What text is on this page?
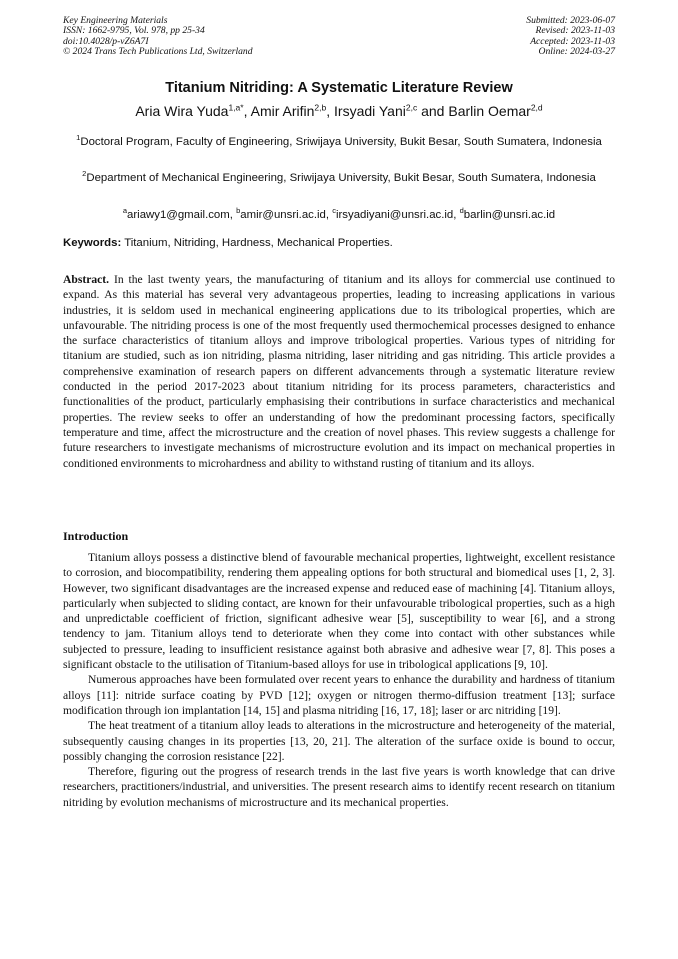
Key Engineering Materials
ISSN: 1662-9795, Vol. 978, pp 25-34
doi:10.4028/p-vZ6A7I
© 2024 Trans Tech Publications Ltd, Switzerland
Submitted: 2023-06-07
Revised: 2023-11-03
Accepted: 2023-11-03
Online: 2024-03-27
Titanium Nitriding: A Systematic Literature Review
Aria Wira Yuda$^{1,a*}$, Amir Arifin$^{2,b}$, Irsyadi Yani$^{2,c}$ and Barlin Oemar$^{2,d}$
$^1$Doctoral Program, Faculty of Engineering, Sriwijaya University, Bukit Besar, South Sumatera, Indonesia
$^2$Department of Mechanical Engineering, Sriwijaya University, Bukit Besar, South Sumatera, Indonesia
$^a$ariawy1@gmail.com, $^b$amir@unsri.ac.id, $^c$irsyadiyani@unsri.ac.id, $^d$barlin@unsri.ac.id
Keywords: Titanium, Nitriding, Hardness, Mechanical Properties.
Abstract. In the last twenty years, the manufacturing of titanium and its alloys for commercial use continued to expand. As this material has several very advantageous properties, leading to increasing applications in various industries, it is seldom used in mechanical engineering applications due to its tribological properties, which are unfavourable. The nitriding process is one of the most frequently used thermochemical processes designed to enhance the surface characteristics of titanium alloys and improve tribological properties. Various types of nitriding for titanium are studied, such as ion nitriding, plasma nitriding, laser nitriding and gas nitriding. This article provides a comprehensive examination of research papers on different advancements through a systematic literature review conducted in the period 2017-2023 about titanium nitriding for its process parameters, characteristics and functionalities of the product, particularly emphasising their contributions in surface characteristics and mechanical properties. The review seeks to offer an understanding of how the predominant processing factors, specifically temperature and time, affect the microstructure and the creation of novel phases. This review suggests a challenge for future researchers to investigate mechanisms of microstructure evolution and its impact on mechanical properties in conditioned environments to microhardness and ability to withstand rusting of titanium and its alloys.
Introduction

Titanium alloys possess a distinctive blend of favourable mechanical properties, lightweight, excellent resistance to corrosion, and biocompatibility, rendering them appealing options for both structural and biomedical uses [1, 2, 3]. However, two significant disadvantages are the increased expense and reduced ease of machining [4]. Titanium alloys, particularly when subjected to sliding contact, are known for their unfavourable tribological properties, such as a high and unpredictable coefficient of friction, significant adhesive wear [5], susceptibility to wear [6], and a strong tendency to jam. Titanium alloys tend to deteriorate when they come into contact with other substances while subjected to pressure, leading to insufficient resistance against both abrasive and adhesive wear [7, 8]. This poses a significant obstacle to the utilisation of Titanium-based alloys for use in tribological applications [9, 10].

Numerous approaches have been formulated over recent years to enhance the durability and hardness of titanium alloys [11]: nitride surface coating by PVD [12]; oxygen or nitrogen thermo-diffusion treatment [13]; surface modification through ion implantation [14, 15] and plasma nitriding [16, 17, 18]; laser or arc nitriding [19].

The heat treatment of a titanium alloy leads to alterations in the microstructure and heterogeneity of the material, subsequently causing changes in its properties [13, 20, 21]. The alteration of the surface oxide is bound to occur, possibly changing the corrosion resistance [22].

Therefore, figuring out the progress of research trends in the last five years is worth knowledge that can drive researchers, practitioners/industrial, and universities. The present research aims to identify recent research on titanium nitriding by evolution mechanisms of microstructure and its mechanical properties.
